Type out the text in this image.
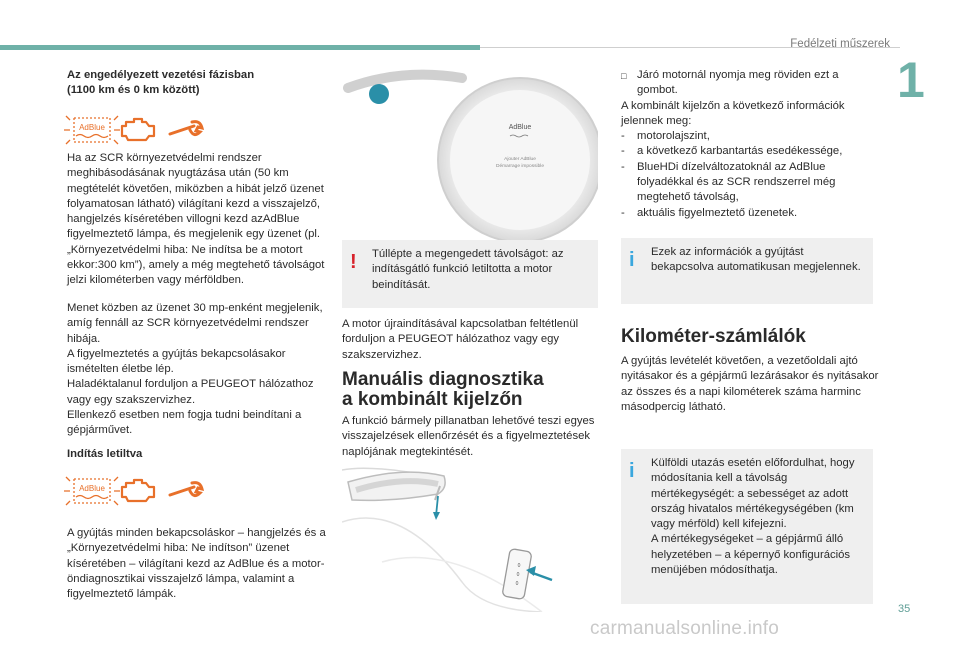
Fedélzeti műszerek
1
Az engedélyezett vezetési fázisban
(1100 km és 0 km között)
AdBlue
Ha az SCR környezetvédelmi rendszer meghibásodásának nyugtázása után (50 km megtételét követően, miközben a hibát jelző üzenet folyamatosan látható) világítani kezd a visszajelző, hangjelzés kíséretében villogni kezd azAdBlue figyelmeztető lámpa, és megjelenik egy üzenet (pl. „Környezetvédelmi hiba: Ne indítsa be a motort ekkor:300 km”), amely a még megtehető távolságot jelzi kilométerben vagy mérföldben.
Menet közben az üzenet 30 mp-enként megjelenik, amíg fennáll az SCR környezetvédelmi rendszer hibája.
A figyelmeztetés a gyújtás bekapcsolásakor ismételten életbe lép.
Haladéktalanul forduljon a PEUGEOT hálózathoz vagy egy szakszervizhez.
Ellenkező esetben nem fogja tudni beindítani a gépjárművet.
Indítás letiltva
AdBlue
A gyújtás minden bekapcsoláskor – hangjelzés és a „Környezetvédelmi hiba: Ne indítson” üzenet kíséretében – világítani kezd az AdBlue és a motor-öndiagnosztikai visszajelző lámpa, valamint a figyelmeztető lámpák.
AdBlue
Ajouter AdBlue
Démarrage impossible
!	Túllépte a megengedett távolságot: az indításgátló funkció letiltotta a motor beindítását.
A motor újraindításával kapcsolatban feltétlenül forduljon a PEUGEOT hálózathoz vagy egy szakszervizhez.
Manuális diagnosztika
a kombinált kijelzőn
A funkció bármely pillanatban lehetővé teszi egyes visszajelzések ellenőrzését és a figyelmeztetések naplójának megtekintését.
0
0
0
□ Járó motornál nyomja meg röviden ezt a gombot.
A kombinált kijelzőn a következő információk jelennek meg:
- motorolajszint,
- a következő karbantartás esedékessége,
- BlueHDi dízelváltozatoknál az AdBlue folyadékkal és az SCR rendszerrel még megtehető távolság,
- aktuális figyelmeztető üzenetek.
i	Ezek az információk a gyújtást bekapcsolva automatikusan megjelennek.
Kilométer-számlálók
A gyújtás levételét követően, a vezetőoldali ajtó nyitásakor és a gépjármű lezárásakor és nyitásakor az összes és a napi kilométerek száma harminc másodpercig látható.
i	Külföldi utazás esetén előfordulhat, hogy módosítania kell a távolság mértékegységét: a sebességet az adott ország hivatalos mértékegységében (km vagy mérföld) kell kifejezni.
A mértékegységeket – a gépjármű álló helyzetében – a képernyő konfigurációs menüjében módosíthatja.
35
carmanualsonline.info
